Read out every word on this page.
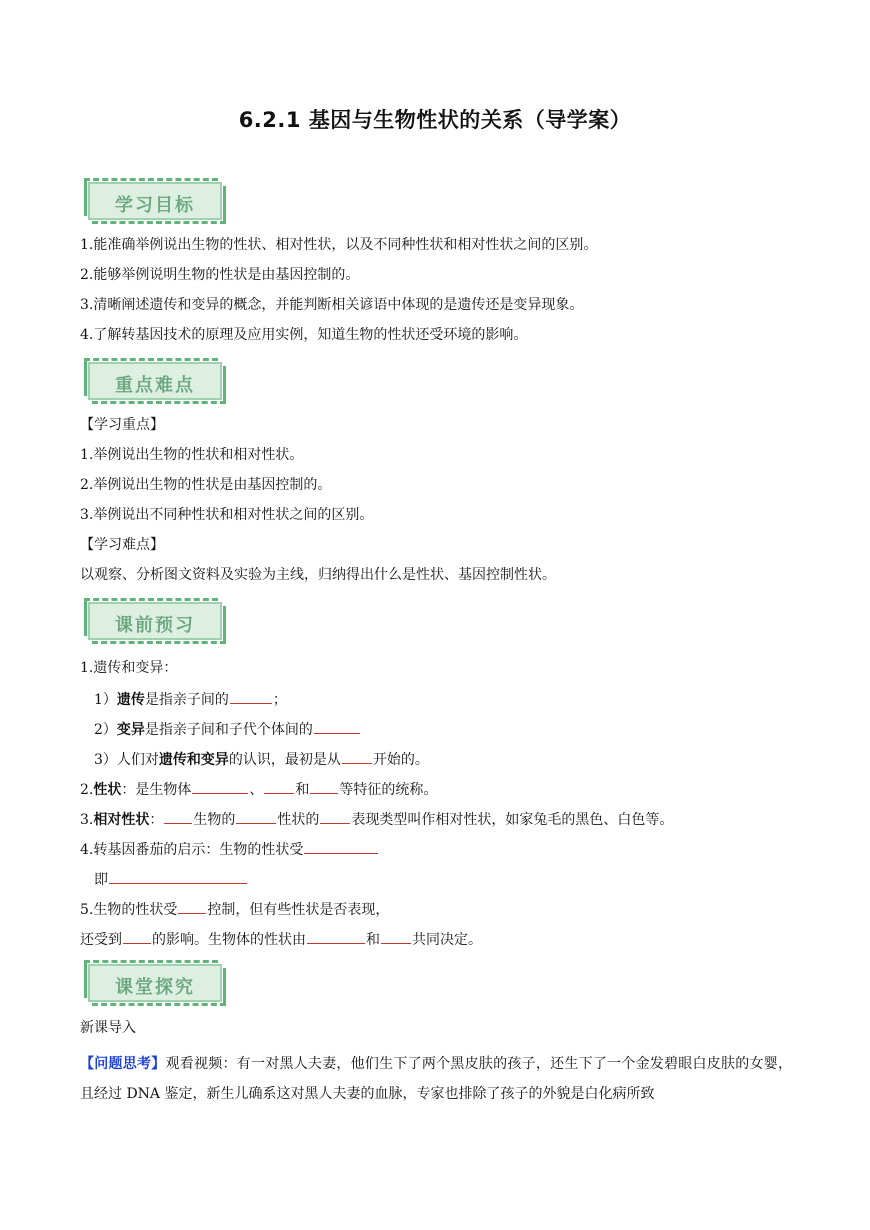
6.2.1 基因与生物性状的关系（导学案）
学习目标
1.能准确举例说出生物的性状、相对性状，以及不同种性状和相对性状之间的区别。
2.能够举例说明生物的性状是由基因控制的。
3.清晰阐述遗传和变异的概念，并能判断相关谚语中体现的是遗传还是变异现象。
4.了解转基因技术的原理及应用实例，知道生物的性状还受环境的影响。
重点难点
【学习重点】
1.举例说出生物的性状和相对性状。
2.举例说出生物的性状是由基因控制的。
3.举例说出不同种性状和相对性状之间的区别。
【学习难点】
以观察、分析图文资料及实验为主线，归纳得出什么是性状、基因控制性状。
课前预习
1.遗传和变异：
1）遗传是指亲子间的	；
2）变异是指亲子间和子代个体间的
3）人们对遗传和变异的认识，最初是从 开始的。
2.性状：是生物体	、 和 等特征的统称。
3.相对性状： 生物的	性状的 表现类型叫作相对性状，如家兔毛的黑色、白色等。
4.转基因番茄的启示：生物的性状受
即
5.生物的性状受 控制，但有些性状是否表现，
还受到 的影响。生物体的性状由	和 共同决定。
课堂探究
新课导入
【问题思考】观看视频：有一对黑人夫妻，他们生下了两个黑皮肤的孩子，还生下了一个金发碧眼白皮肤的女婴，且经过 DNA 鉴定，新生儿确系这对黑人夫妻的血脉，专家也排除了孩子的外貌是白化病所致
